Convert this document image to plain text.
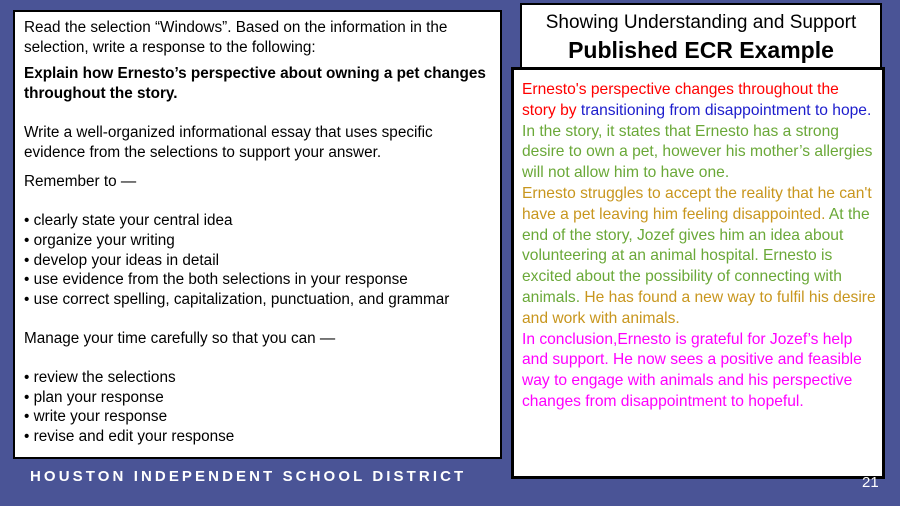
Read the selection “Windows”. Based on the information in the selection, write a response to the following:

Explain how Ernesto’s perspective about owning a pet changes throughout the story.

Write a well-organized informational essay that uses specific evidence from the selections to support your answer.

Remember to —

• clearly state your central idea

• organize your writing

• develop your ideas in detail

• use evidence from the both selections in your response

• use correct spelling, capitalization, punctuation, and grammar

Manage your time carefully so that you can —

• review the selections

• plan your response

• write your response

• revise and edit your response

Showing Understanding and Support
Published ECR Example

Ernesto's perspective changes throughout the story by transitioning from disappointment to hope.

In the story, it states that Ernesto has a strong desire to own a pet, however his mother’s allergies will not allow him to have one.

Ernesto struggles to accept the reality that he can't have a pet leaving him feeling disappointed. At the end of the story, Jozef gives him an idea about volunteering at an animal hospital. Ernesto is excited about the possibility of connecting with animals. He has found a new way to fulfil his desire and work with animals.

In conclusion,Ernesto is grateful for Jozef’s help and support. He now sees a positive and feasible way to engage with animals and his perspective changes from disappointment to hopeful.

HOUSTON INDEPENDENT SCHOOL DISTRICT	21
